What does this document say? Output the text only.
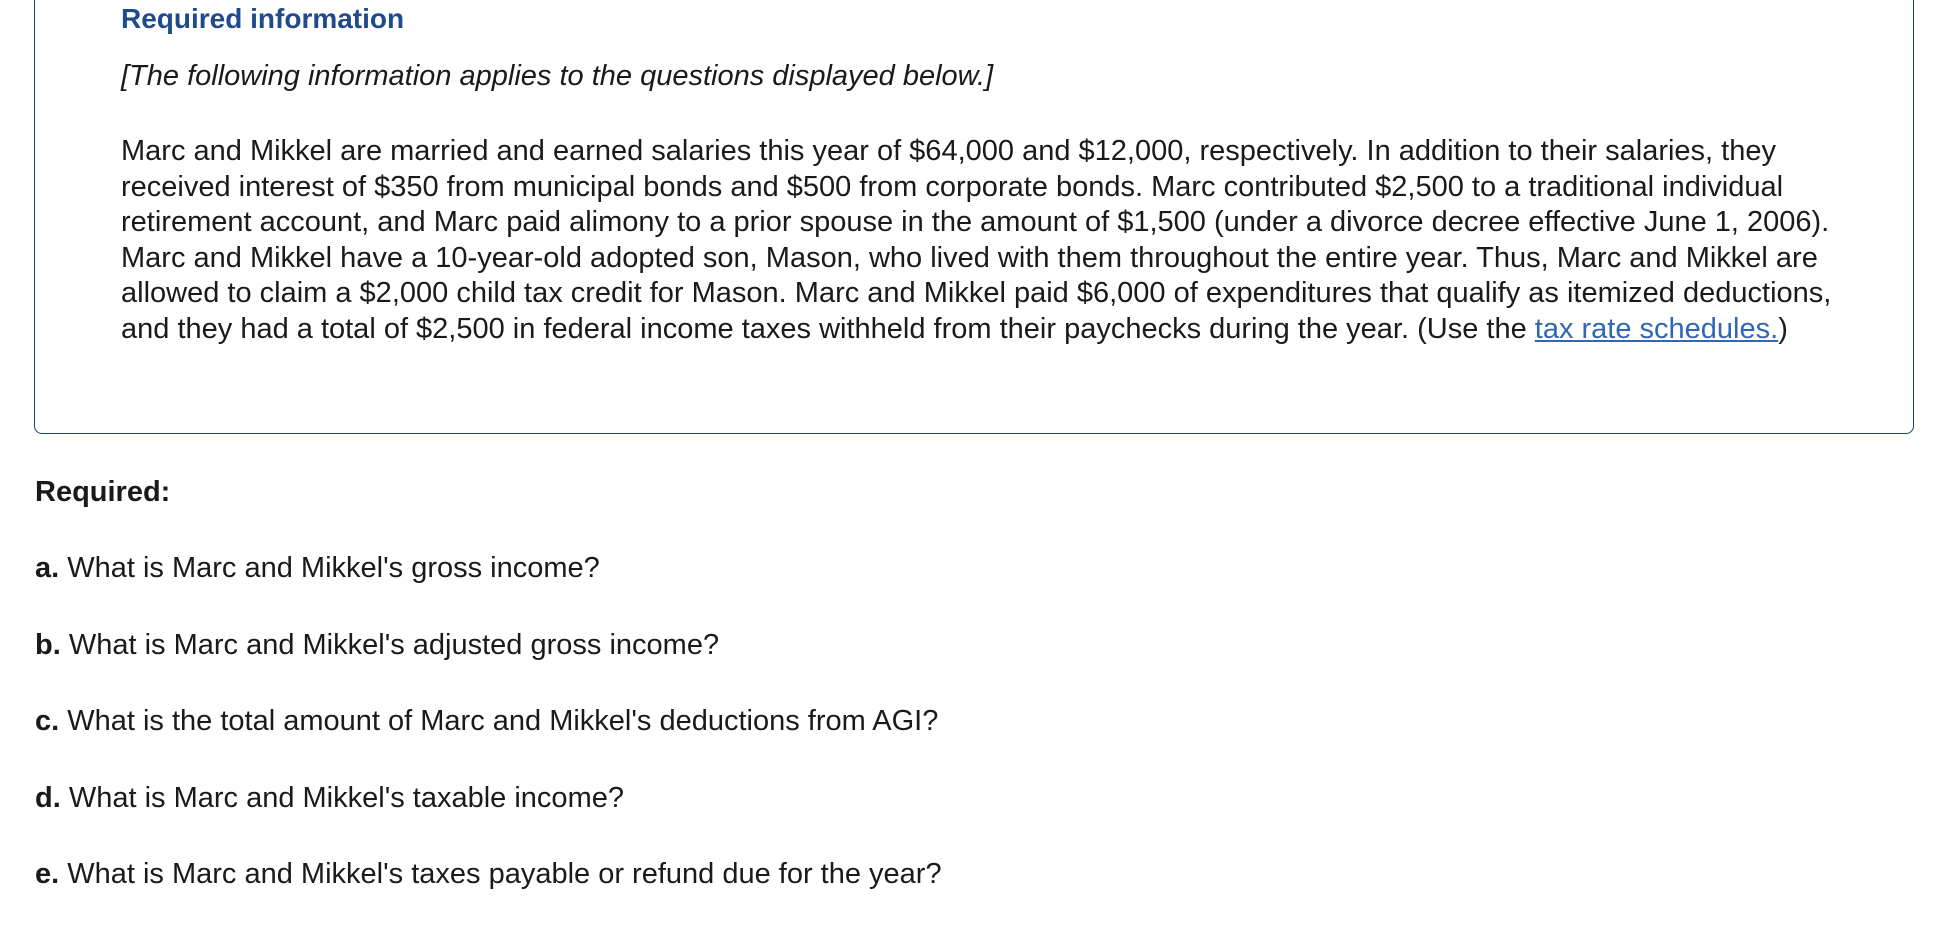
Required information
[The following information applies to the questions displayed below.]
Marc and Mikkel are married and earned salaries this year of $64,000 and $12,000, respectively. In addition to their salaries, they received interest of $350 from municipal bonds and $500 from corporate bonds. Marc contributed $2,500 to a traditional individual retirement account, and Marc paid alimony to a prior spouse in the amount of $1,500 (under a divorce decree effective June 1, 2006). Marc and Mikkel have a 10-year-old adopted son, Mason, who lived with them throughout the entire year. Thus, Marc and Mikkel are allowed to claim a $2,000 child tax credit for Mason. Marc and Mikkel paid $6,000 of expenditures that qualify as itemized deductions, and they had a total of $2,500 in federal income taxes withheld from their paychecks during the year. (Use the tax rate schedules.)
Required:
a. What is Marc and Mikkel's gross income?
b. What is Marc and Mikkel's adjusted gross income?
c. What is the total amount of Marc and Mikkel's deductions from AGI?
d. What is Marc and Mikkel's taxable income?
e. What is Marc and Mikkel's taxes payable or refund due for the year?
